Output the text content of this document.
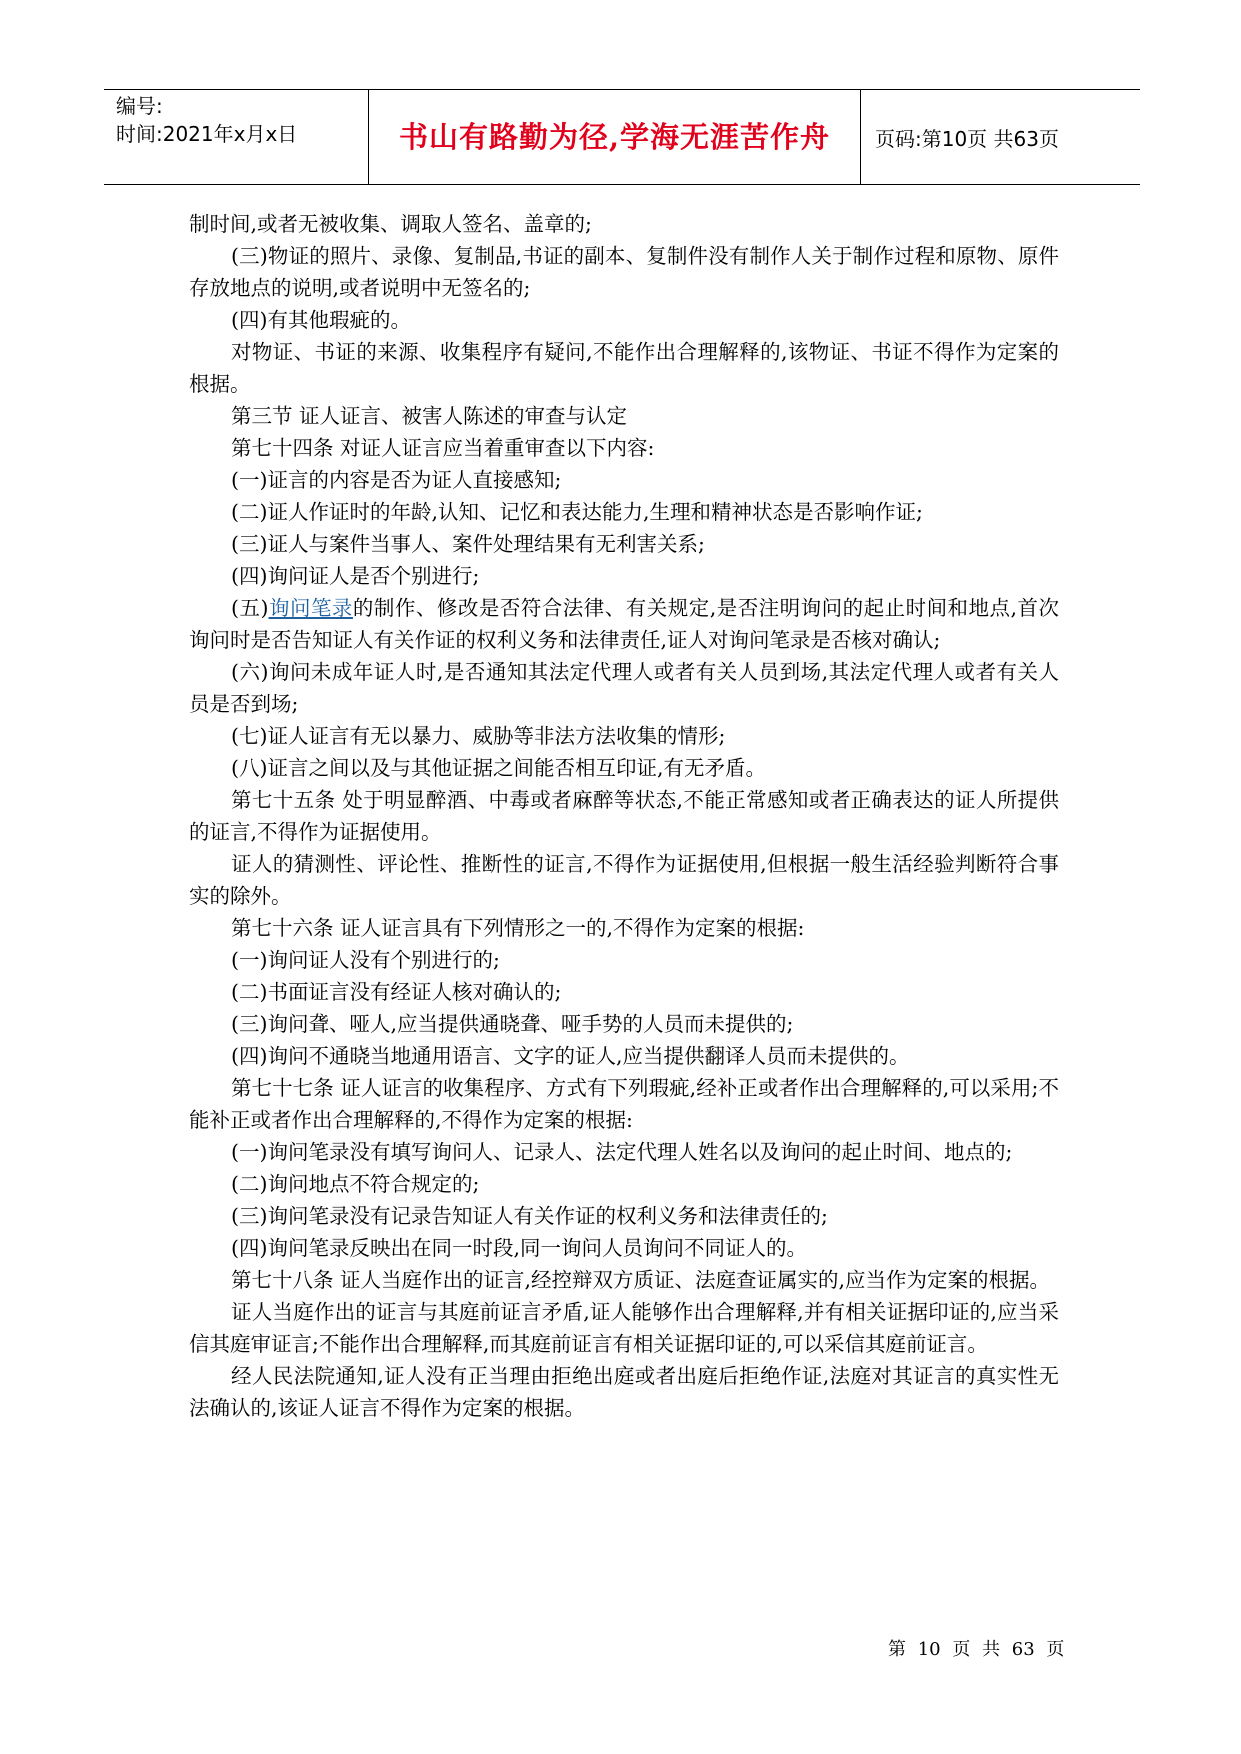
编号:
时间:2021年x月x日	书山有路勤为径,学海无涯苦作舟	页码:第10页 共63页

制时间,或者无被收集、调取人签名、盖章的;

(三)物证的照片、录像、复制品,书证的副本、复制件没有制作人关于制作过程和原物、原件存放地点的说明,或者说明中无签名的;

(四)有其他瑕疵的。

对物证、书证的来源、收集程序有疑问,不能作出合理解释的,该物证、书证不得作为定案的根据。

第三节 证人证言、被害人陈述的审查与认定

第七十四条 对证人证言应当着重审查以下内容:

(一)证言的内容是否为证人直接感知;

(二)证人作证时的年龄,认知、记忆和表达能力,生理和精神状态是否影响作证;

(三)证人与案件当事人、案件处理结果有无利害关系;

(四)询问证人是否个别进行;

(五)询问笔录的制作、修改是否符合法律、有关规定,是否注明询问的起止时间和地点,首次询问时是否告知证人有关作证的权利义务和法律责任,证人对询问笔录是否核对确认;

(六)询问未成年证人时,是否通知其法定代理人或者有关人员到场,其法定代理人或者有关人员是否到场;

(七)证人证言有无以暴力、威胁等非法方法收集的情形;

(八)证言之间以及与其他证据之间能否相互印证,有无矛盾。

第七十五条 处于明显醉酒、中毒或者麻醉等状态,不能正常感知或者正确表达的证人所提供的证言,不得作为证据使用。

证人的猜测性、评论性、推断性的证言,不得作为证据使用,但根据一般生活经验判断符合事实的除外。

第七十六条 证人证言具有下列情形之一的,不得作为定案的根据:

(一)询问证人没有个别进行的;

(二)书面证言没有经证人核对确认的;

(三)询问聋、哑人,应当提供通晓聋、哑手势的人员而未提供的;

(四)询问不通晓当地通用语言、文字的证人,应当提供翻译人员而未提供的。

第七十七条 证人证言的收集程序、方式有下列瑕疵,经补正或者作出合理解释的,可以采用;不能补正或者作出合理解释的,不得作为定案的根据:

(一)询问笔录没有填写询问人、记录人、法定代理人姓名以及询问的起止时间、地点的;

(二)询问地点不符合规定的;

(三)询问笔录没有记录告知证人有关作证的权利义务和法律责任的;

(四)询问笔录反映出在同一时段,同一询问人员询问不同证人的。

第七十八条 证人当庭作出的证言,经控辩双方质证、法庭查证属实的,应当作为定案的根据。

证人当庭作出的证言与其庭前证言矛盾,证人能够作出合理解释,并有相关证据印证的,应当采信其庭审证言;不能作出合理解释,而其庭前证言有相关证据印证的,可以采信其庭前证言。

经人民法院通知,证人没有正当理由拒绝出庭或者出庭后拒绝作证,法庭对其证言的真实性无法确认的,该证人证言不得作为定案的根据。

第 10 页 共 63 页
